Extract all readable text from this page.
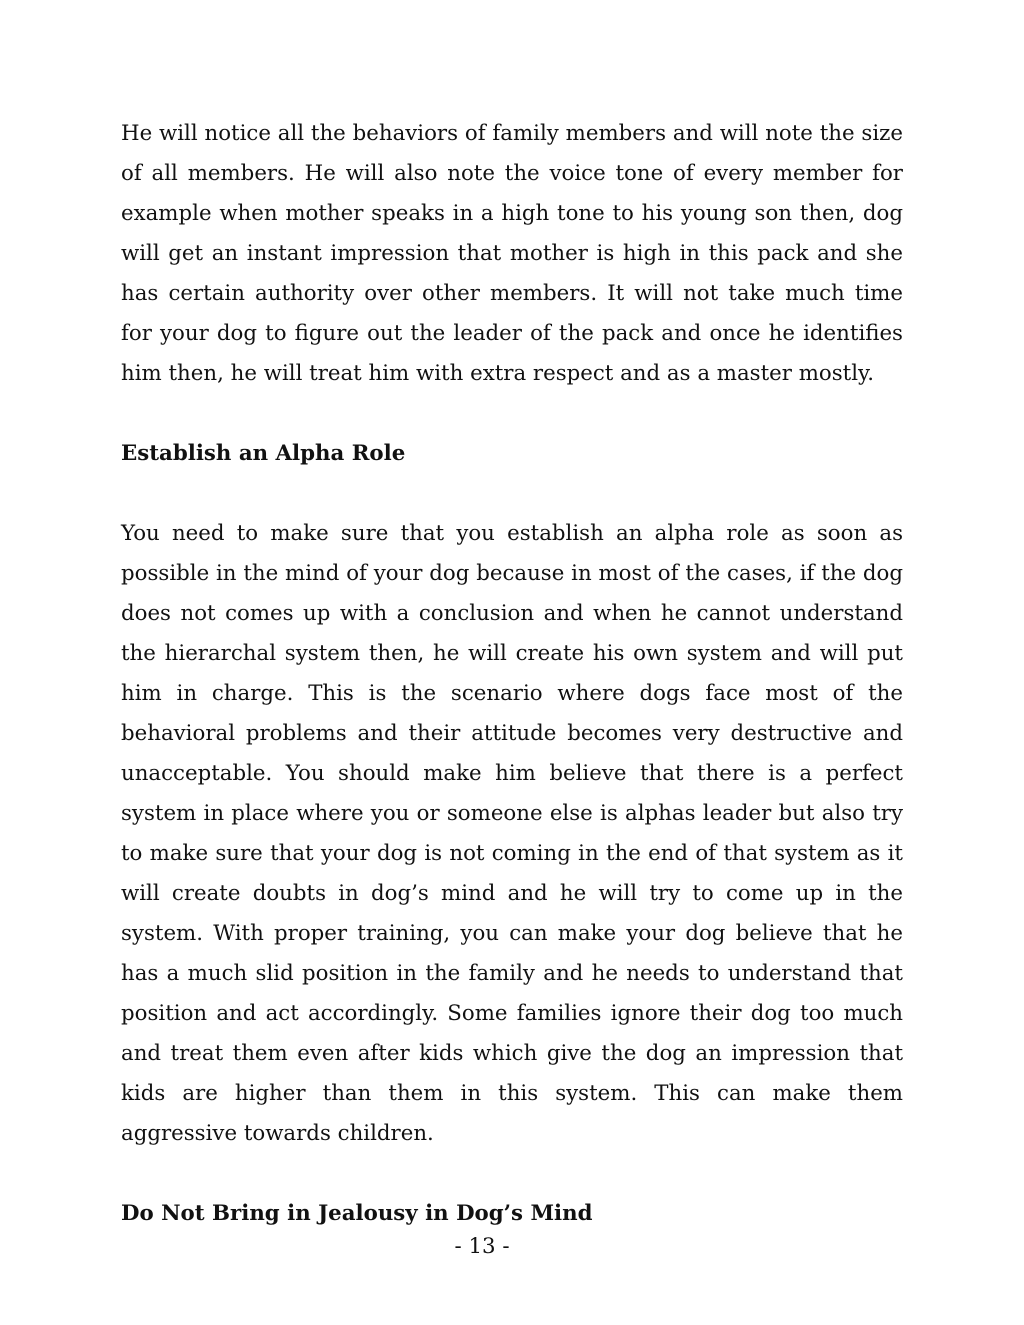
He will notice all the behaviors of family members and will note the size of all members. He will also note the voice tone of every member for example when mother speaks in a high tone to his young son then, dog will get an instant impression that mother is high in this pack and she has certain authority over other members. It will not take much time for your dog to figure out the leader of the pack and once he identifies him then, he will treat him with extra respect and as a master mostly.

Establish an Alpha Role

You need to make sure that you establish an alpha role as soon as possible in the mind of your dog because in most of the cases, if the dog does not comes up with a conclusion and when he cannot understand the hierarchal system then, he will create his own system and will put him in charge. This is the scenario where dogs face most of the behavioral problems and their attitude becomes very destructive and unacceptable. You should make him believe that there is a perfect system in place where you or someone else is alphas leader but also try to make sure that your dog is not coming in the end of that system as it will create doubts in dog’s mind and he will try to come up in the system. With proper training, you can make your dog believe that he has a much slid position in the family and he needs to understand that position and act accordingly. Some families ignore their dog too much and treat them even after kids which give the dog an impression that kids are higher than them in this system. This can make them aggressive towards children.

Do Not Bring in Jealousy in Dog’s Mind
- 13 -
